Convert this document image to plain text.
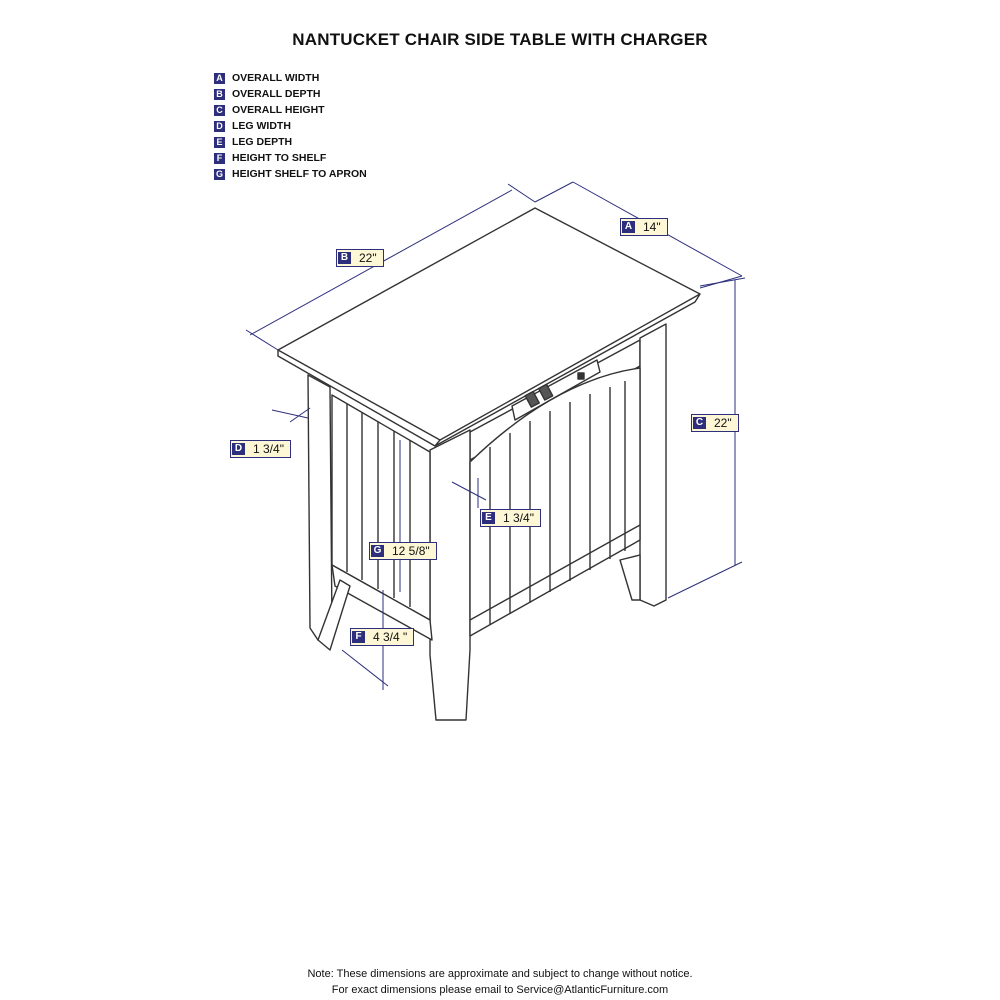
NANTUCKET CHAIR SIDE TABLE WITH CHARGER
A OVERALL WIDTH
B OVERALL DEPTH
C OVERALL HEIGHT
D LEG WIDTH
E LEG DEPTH
F HEIGHT TO SHELF
G HEIGHT SHELF TO APRON
A 14"
B 22"
C 22"
D 1 3/4"
E 1 3/4"
G 12 5/8"
F 4 3/4 "
Note: These dimensions are approximate and subject to change without notice.
For exact dimensions please email to Service@AtlanticFurniture.com
